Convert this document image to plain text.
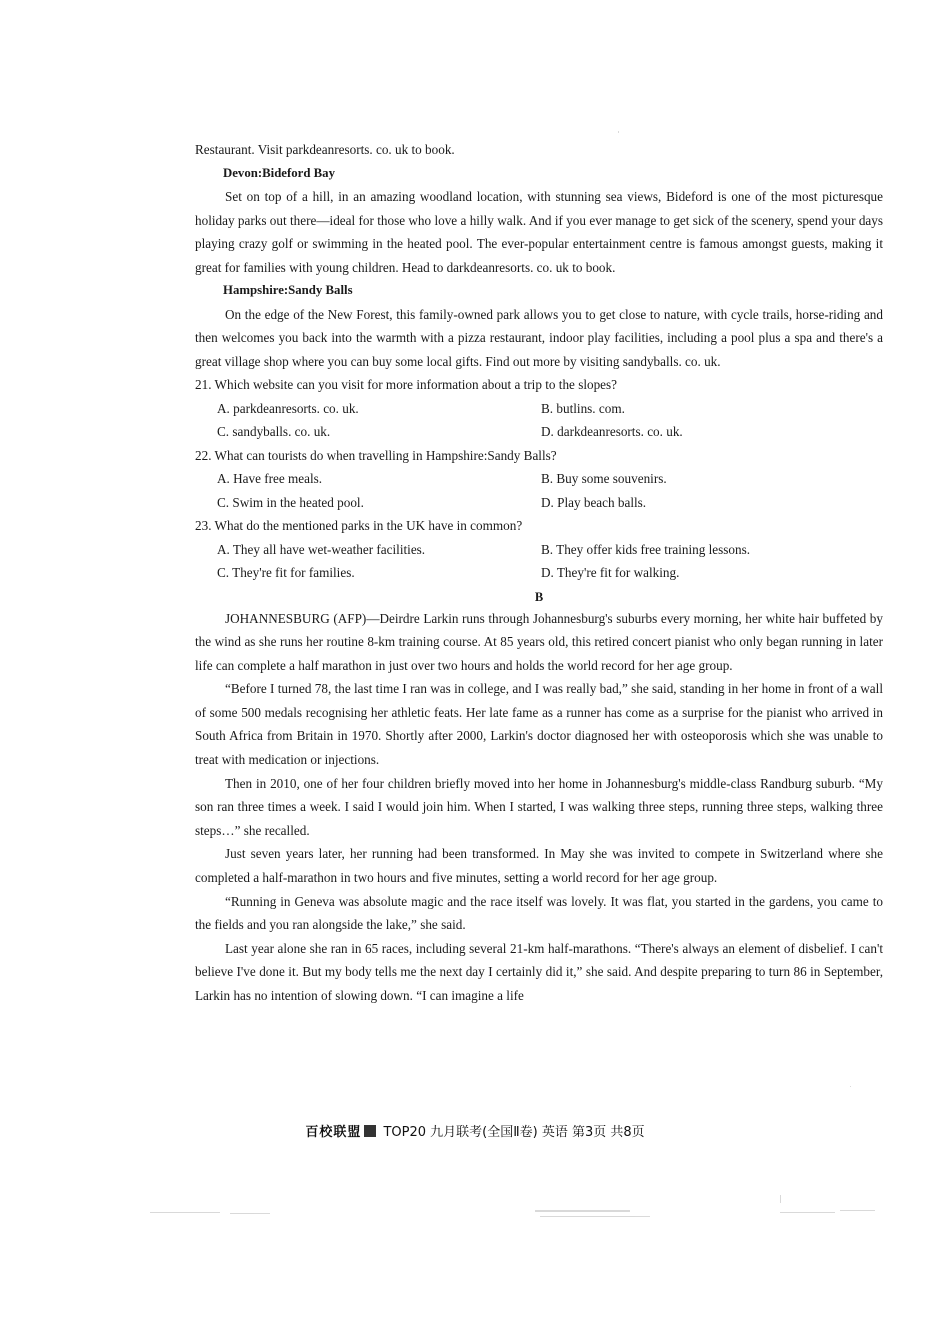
Restaurant. Visit parkdeanresorts. co. uk to book.

Devon:Bideford Bay

Set on top of a hill, in an amazing woodland location, with stunning sea views, Bideford is one of the most picturesque holiday parks out there—ideal for those who love a hilly walk. And if you ever manage to get sick of the scenery, spend your days playing crazy golf or swimming in the heated pool. The ever-popular entertainment centre is famous amongst guests, making it great for families with young children. Head to darkdeanresorts. co. uk to book.

Hampshire:Sandy Balls

On the edge of the New Forest, this family-owned park allows you to get close to nature, with cycle trails, horse-riding and then welcomes you back into the warmth with a pizza restaurant, indoor play facilities, including a pool plus a spa and there's a great village shop where you can buy some local gifts. Find out more by visiting sandyballs. co. uk.

21. Which website can you visit for more information about a trip to the slopes?
A. parkdeanresorts. co. uk.	B. butlins. com.
C. sandyballs. co. uk.	D. darkdeanresorts. co. uk.
22. What can tourists do when travelling in Hampshire:Sandy Balls?
A. Have free meals.	B. Buy some souvenirs.
C. Swim in the heated pool.	D. Play beach balls.
23. What do the mentioned parks in the UK have in common?
A. They all have wet-weather facilities.	B. They offer kids free training lessons.
C. They're fit for families.	D. They're fit for walking.
B

JOHANNESBURG (AFP)—Deirdre Larkin runs through Johannesburg's suburbs every morning, her white hair buffeted by the wind as she runs her routine 8-km training course. At 85 years old, this retired concert pianist who only began running in later life can complete a half marathon in just over two hours and holds the world record for her age group.

“Before I turned 78, the last time I ran was in college, and I was really bad,” she said, standing in her home in front of a wall of some 500 medals recognising her athletic feats. Her late fame as a runner has come as a surprise for the pianist who arrived in South Africa from Britain in 1970. Shortly after 2000, Larkin's doctor diagnosed her with osteoporosis which she was unable to treat with medication or injections.

Then in 2010, one of her four children briefly moved into her home in Johannesburg's middle-class Randburg suburb. “My son ran three times a week. I said I would join him. When I started, I was walking three steps, running three steps, walking three steps…” she recalled.

Just seven years later, her running had been transformed. In May she was invited to compete in Switzerland where she completed a half-marathon in two hours and five minutes, setting a world record for her age group.

“Running in Geneva was absolute magic and the race itself was lovely. It was flat, you started in the gardens, you came to the fields and you ran alongside the lake,” she said.

Last year alone she ran in 65 races, including several 21-km half-marathons. “There's always an element of disbelief. I can't believe I've done it. But my body tells me the next day I certainly did it,” she said. And despite preparing to turn 86 in September, Larkin has no intention of slowing down. “I can imagine a life

百校联盟 TOP20 九月联考(全国Ⅱ卷) 英语 第3页 共8页
